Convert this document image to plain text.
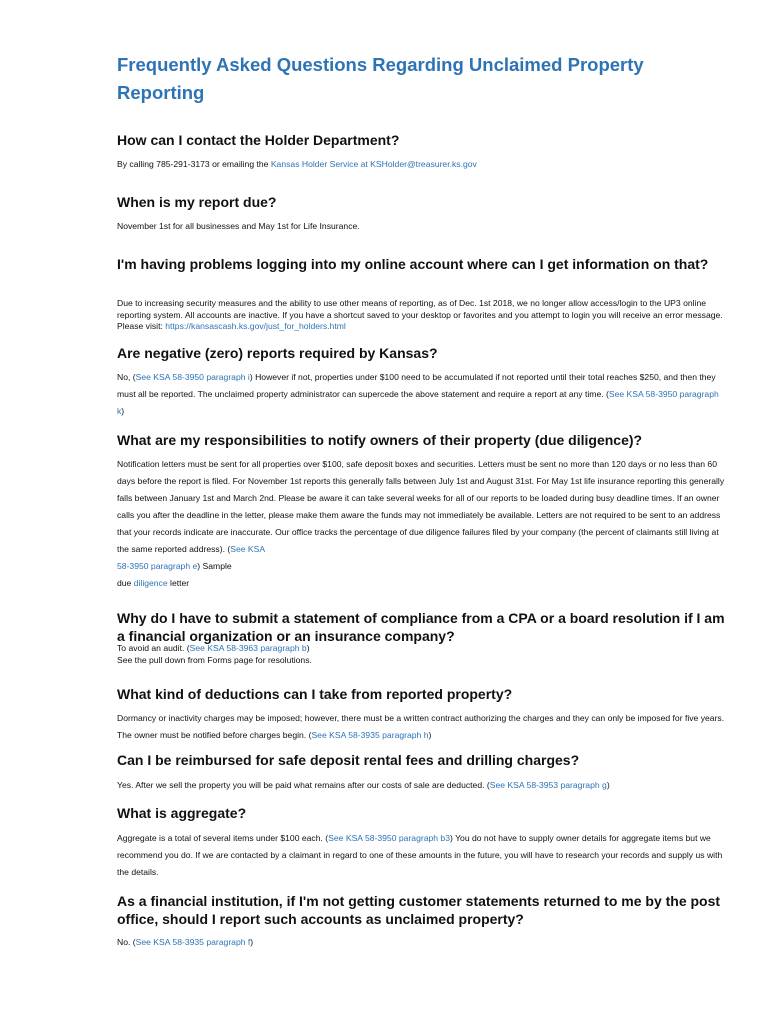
Frequently Asked Questions Regarding Unclaimed Property Reporting
How can I contact the Holder Department?

By calling 785-291-3173 or emailing the Kansas Holder Service at KSHolder@treasurer.ks.gov

When is my report due?

November 1st for all businesses and May 1st for Life Insurance.

I'm having problems logging into my online account where can I get information on that?

Due to increasing security measures and the ability to use other means of reporting, as of Dec. 1st 2018, we no longer allow access/login to the UP3 online reporting system. All accounts are inactive. If you have a shortcut saved to your desktop or favorites and you attempt to login you will receive an error message. Please visit: https://kansascash.ks.gov/just_for_holders.html

Are negative (zero) reports required by Kansas?

No, (See KSA 58-3950 paragraph i) However if not, properties under $100 need to be accumulated if not reported until their total reaches $250, and then they must all be reported. The unclaimed property administrator can supercede the above statement and require a report at any time. (See KSA 58-3950 paragraph k)

What are my responsibilities to notify owners of their property (due diligence)?

Notification letters must be sent for all properties over $100, safe deposit boxes and securities. Letters must be sent no more than 120 days or no less than 60 days before the report is filed. For November 1st reports this generally falls between July 1st and August 31st. For May 1st life insurance reporting this generally falls between January 1st and March 2nd. Please be aware it can take several weeks for all of our reports to be loaded during busy deadline times. If an owner calls you after the deadline in the letter, please make them aware the funds may not immediately be available. Letters are not required to be sent to an address that your records indicate are inaccurate. Our office tracks the percentage of due diligence failures filed by your company (the percent of claimants still living at the same reported address). (See KSA
58-3950 paragraph e) Sample
due diligence letter

Why do I have to submit a statement of compliance from a CPA or a board resolution if I am a financial organization or an insurance company?

To avoid an audit. (See KSA 58-3963 paragraph b)
See the pull down from Forms page for resolutions.

What kind of deductions can I take from reported property?

Dormancy or inactivity charges may be imposed; however, there must be a written contract authorizing the charges and they can only be imposed for five years. The owner must be notified before charges begin. (See KSA 58-3935 paragraph h)

Can I be reimbursed for safe deposit rental fees and drilling charges?

Yes. After we sell the property you will be paid what remains after our costs of sale are deducted. (See KSA 58-3953 paragraph g)

What is aggregate?

Aggregate is a total of several items under $100 each. (See KSA 58-3950 paragraph b3) You do not have to supply owner details for aggregate items but we recommend you do. If we are contacted by a claimant in regard to one of these amounts in the future, you will have to research your records and supply us with the details.

As a financial institution, if I'm not getting customer statements returned to me by the post office, should I report such accounts as unclaimed property?

No. (See KSA 58-3935 paragraph f)
